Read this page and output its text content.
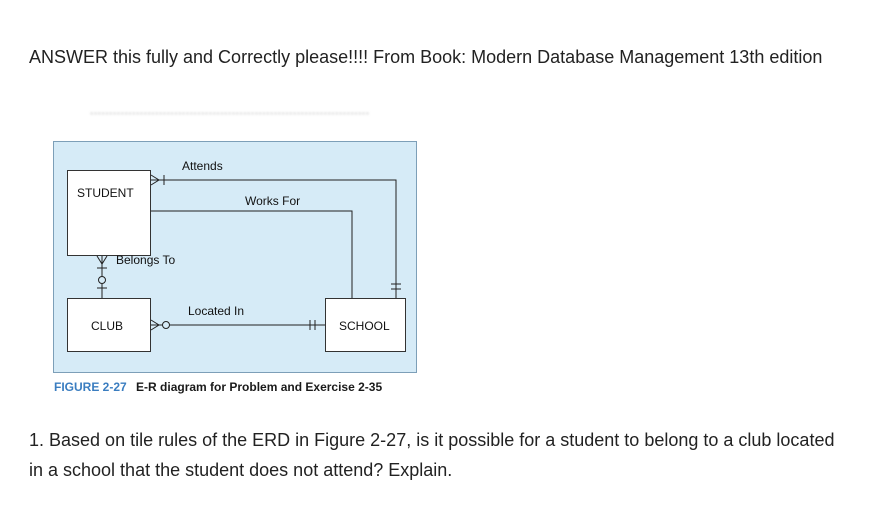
ANSWER this fully and Correctly please!!!! From Book: Modern Database Management 13th edition
·········································································
STUDENT
CLUB	SCHOOL
Attends
Works For
Belongs To
Located In
FIGURE 2-27 E-R diagram for Problem and Exercise 2-35
1. Based on tile rules of the ERD in Figure 2-27, is it possible for a student to belong to a club located in a school that the student does not attend? Explain.
